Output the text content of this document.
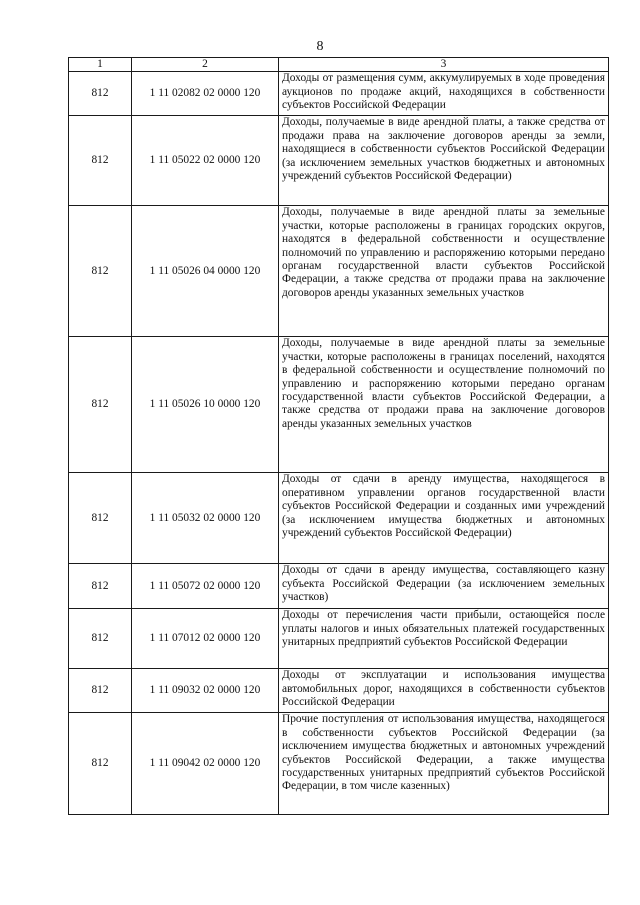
8
1	2	3
812	1 11 02082 02 0000 120	Доходы от размещения сумм, аккумулируемых в ходе проведения аукционов по продаже акций, находящихся в собственности субъектов Российской Федерации
812	1 11 05022 02 0000 120	Доходы, получаемые в виде арендной платы, а также средства от продажи права на заключение договоров аренды за земли, находящиеся в собственности субъектов Российской Федерации (за исключением земельных участков бюджетных и автономных учреждений субъектов Российской Федерации)
812	1 11 05026 04 0000 120	Доходы, получаемые в виде арендной платы за земельные участки, которые расположены в границах городских округов, находятся в федеральной собственности и осуществление полномочий по управлению и распоряжению которыми передано органам государственной власти субъектов Российской Федерации, а также средства от продажи права на заключение договоров аренды указанных земельных участков
812	1 11 05026 10 0000 120	Доходы, получаемые в виде арендной платы за земельные участки, которые расположены в границах поселений, находятся в федеральной собственности и осуществление полномочий по управлению и распоряжению которыми передано органам государственной власти субъектов Российской Федерации, а также средства от продажи права на заключение договоров аренды указанных земельных участков
812	1 11 05032 02 0000 120	Доходы от сдачи в аренду имущества, находящегося в оперативном управлении органов государственной власти субъектов Российской Федерации и созданных ими учреждений (за исключением имущества бюджетных и автономных учреждений субъектов Российской Федерации)
812	1 11 05072 02 0000 120	Доходы от сдачи в аренду имущества, составляющего казну субъекта Российской Федерации (за исключением земельных участков)
812	1 11 07012 02 0000 120	Доходы от перечисления части прибыли, остающейся после уплаты налогов и иных обязательных платежей государственных унитарных предприятий субъектов Российской Федерации
812	1 11 09032 02 0000 120	Доходы от эксплуатации и использования имущества автомобильных дорог, находящихся в собственности субъектов Российской Федерации
812	1 11 09042 02 0000 120	Прочие поступления от использования имущества, находящегося в собственности субъектов Российской Федерации (за исключением имущества бюджетных и автономных учреждений субъектов Российской Федерации, а также имущества государственных унитарных предприятий субъектов Российской Федерации, в том числе казенных)
